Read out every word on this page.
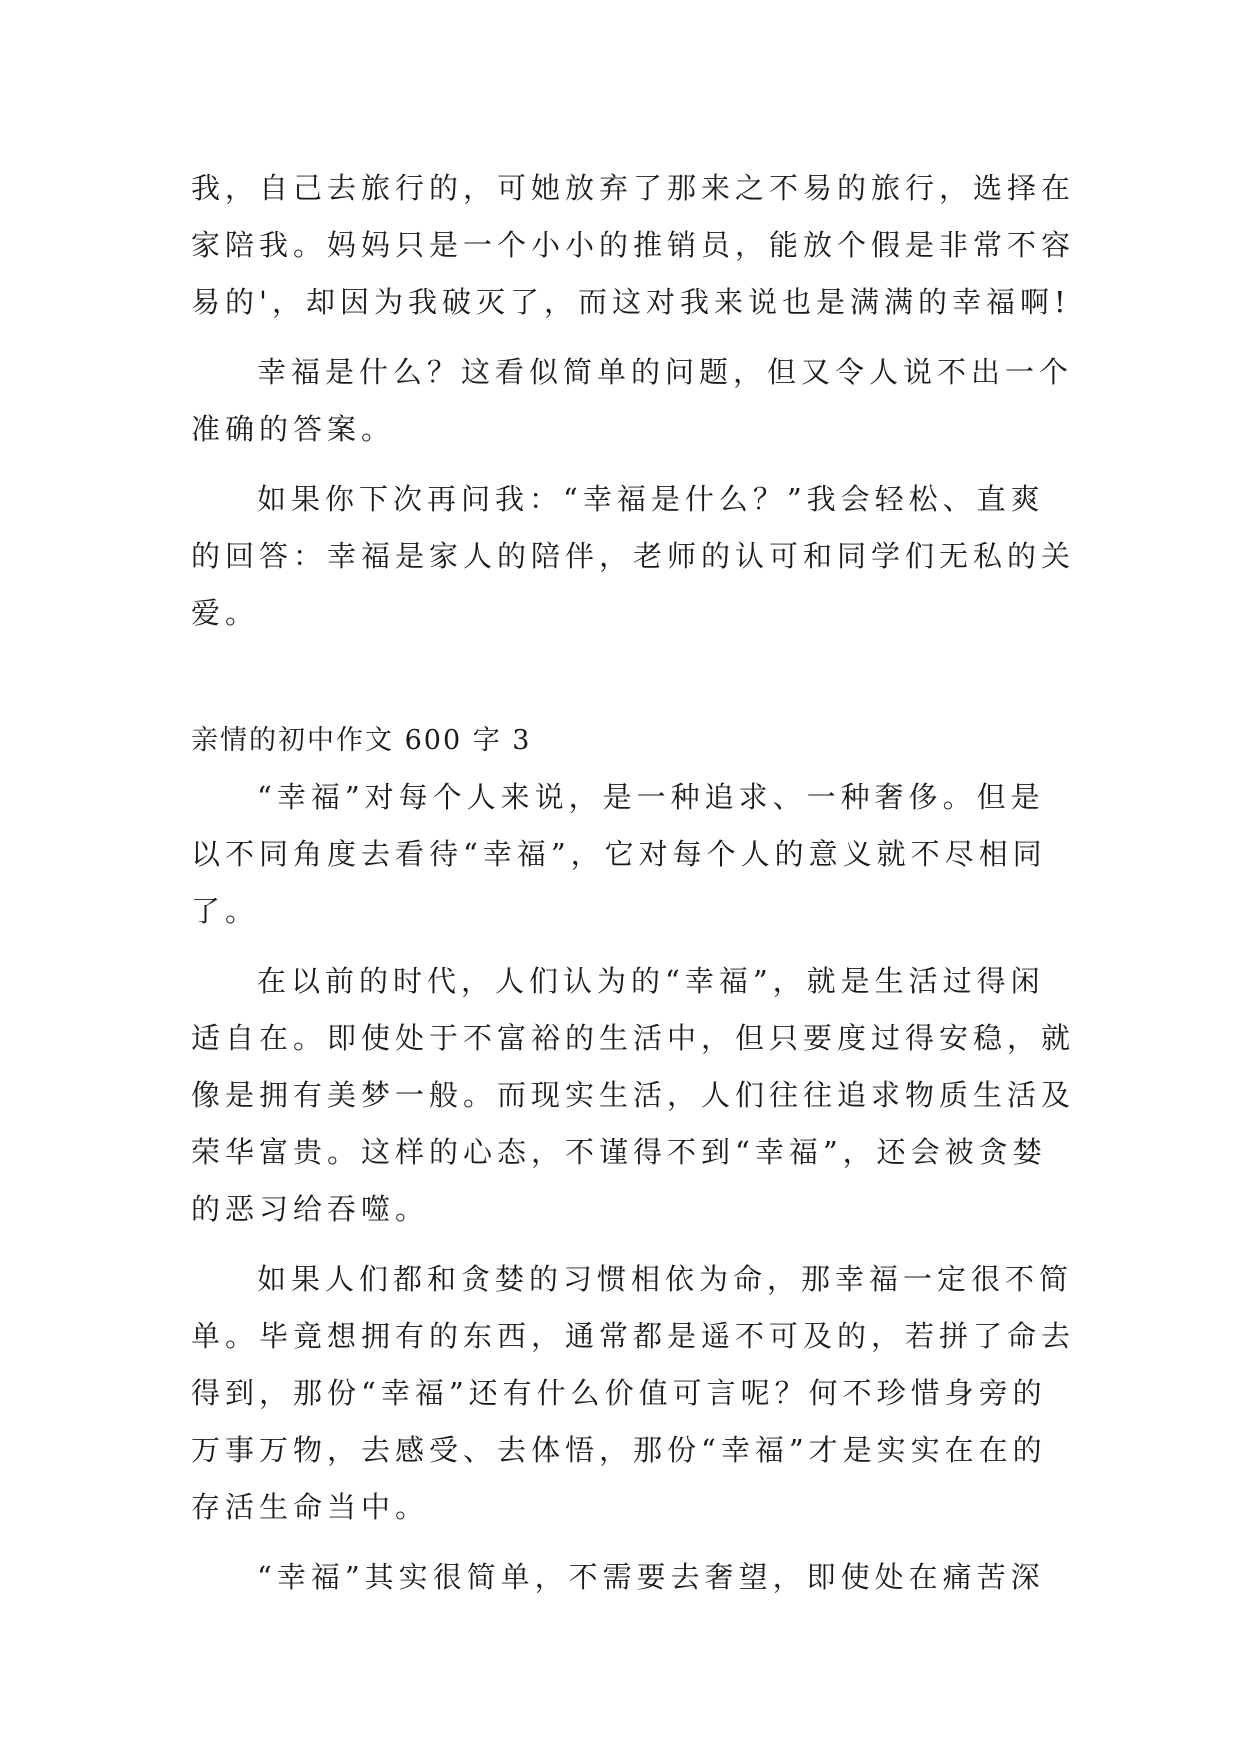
我，自己去旅行的，可她放弃了那来之不易的旅行，选择在
家陪我。妈妈只是一个小小的推销员，能放个假是非常不容
易的'，却因为我破灭了，而这对我来说也是满满的幸福啊!
幸福是什么？这看似简单的问题，但又令人说不出一个
准确的答案。
如果你下次再问我：“幸福是什么？”我会轻松、直爽
的回答：幸福是家人的陪伴，老师的认可和同学们无私的关
爱。
亲情的初中作文 600 字 3
“幸福”对每个人来说，是一种追求、一种奢侈。但是
以不同角度去看待“幸福”，它对每个人的意义就不尽相同
了。
在以前的时代，人们认为的“幸福”，就是生活过得闲
适自在。即使处于不富裕的生活中，但只要度过得安稳，就
像是拥有美梦一般。而现实生活，人们往往追求物质生活及
荣华富贵。这样的心态，不谨得不到“幸福”，还会被贪婪
的恶习给吞噬。
如果人们都和贪婪的习惯相依为命，那幸福一定很不简
单。毕竟想拥有的东西，通常都是遥不可及的，若拼了命去
得到，那份“幸福”还有什么价值可言呢？何不珍惜身旁的
万事万物，去感受、去体悟，那份“幸福”才是实实在在的
存活生命当中。
“幸福”其实很简单，不需要去奢望，即使处在痛苦深
